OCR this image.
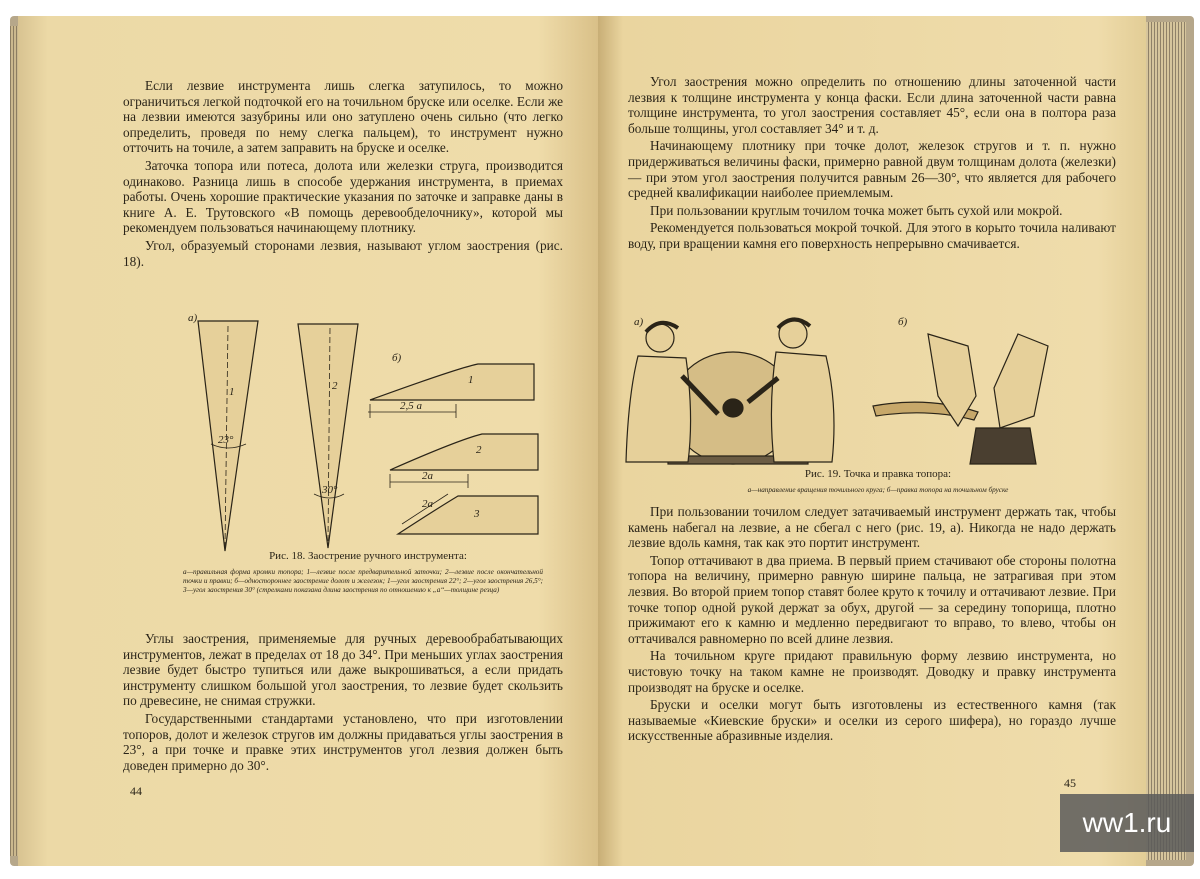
Если лезвие инструмента лишь слегка затупилось, то можно ограничиться легкой подточкой его на точильном бруске или оселке. Если же на лезвии имеются зазубрины или оно затуплено очень сильно (что легко определить, проведя по нему слегка пальцем), то инструмент нужно отточить на точиле, а затем заправить на бруске и оселке.

Заточка топора или потеса, долота или железки струга, производится одинаково. Разница лишь в способе удержания инструмента, в приемах работы. Очень хорошие практические указания по заточке и заправке даны в книге А. Е. Трутовского «В помощь деревообделочнику», которой мы рекомендуем пользоваться начинающему плотнику.

Угол, образуемый сторонами лезвия, называют углом заострения (рис. 18).

а)
б)
1	2
23°
30°
1
2
3
2,5 а
2а
2а
Рис. 18. Заострение ручного инструмента:
а—правильная форма кромки топора; 1—лезвие после предварительной заточки; 2—лезвие после окончательной точки и правки; б—одностороннее заострение долот и железок; 1—угол заострения 22°; 2—угол заострения 26,5°; 3—угол заострения 30° (стрелками показана длина заострения по отношению к „а“—толщине резца)

Углы заострения, применяемые для ручных деревообрабатывающих инструментов, лежат в пределах от 18 до 34°. При меньших углах заострения лезвие будет быстро тупиться или даже выкрошиваться, а если придать инструменту слишком большой угол заострения, то лезвие будет скользить по древесине, не снимая стружки.

Государственными стандартами установлено, что при изготовлении топоров, долот и железок стругов им должны придаваться углы заострения в 23°, а при точке и правке этих инструментов угол лезвия должен быть доведен примерно до 30°.

44

Угол заострения можно определить по отношению длины заточенной части лезвия к толщине инструмента у конца фаски. Если длина заточенной части равна толщине инструмента, то угол заострения составляет 45°, если она в полтора раза больше толщины, угол составляет 34° и т. д.

Начинающему плотнику при точке долот, железок стругов и т. п. нужно придерживаться величины фаски, примерно равной двум толщинам долота (железки) — при этом угол заострения получится равным 26—30°, что является для рабочего средней квалификации наиболее приемлемым.

При пользовании круглым точилом точка может быть сухой или мокрой.

Рекомендуется пользоваться мокрой точкой. Для этого в корыто точила наливают воду, при вращении камня его поверхность непрерывно смачивается.

а)	б)
Рис. 19. Точка и правка топора:
а—направление вращения точильного круга; б—правка топора на точильном бруске

При пользовании точилом следует затачиваемый инструмент держать так, чтобы камень набегал на лезвие, а не сбегал с него (рис. 19, а). Никогда не надо держать лезвие вдоль камня, так как это портит инструмент.

Топор оттачивают в два приема. В первый прием стачивают обе стороны полотна топора на величину, примерно равную ширине пальца, не затрагивая при этом лезвия. Во второй прием топор ставят более круто к точилу и оттачивают лезвие. При точке топор одной рукой держат за обух, другой — за середину топорища, плотно прижимают его к камню и медленно передвигают то вправо, то влево, чтобы он оттачивался равномерно по всей длине лезвия.

На точильном круге придают правильную форму лезвию инструмента, но чистовую точку на таком камне не производят. Доводку и правку инструмента производят на бруске и оселке.

Бруски и оселки могут быть изготовлены из естественного камня (так называемые «Киевские бруски» и оселки из серого шифера), но гораздо лучше искусственные абразивные изделия.

45
ww1.ru
